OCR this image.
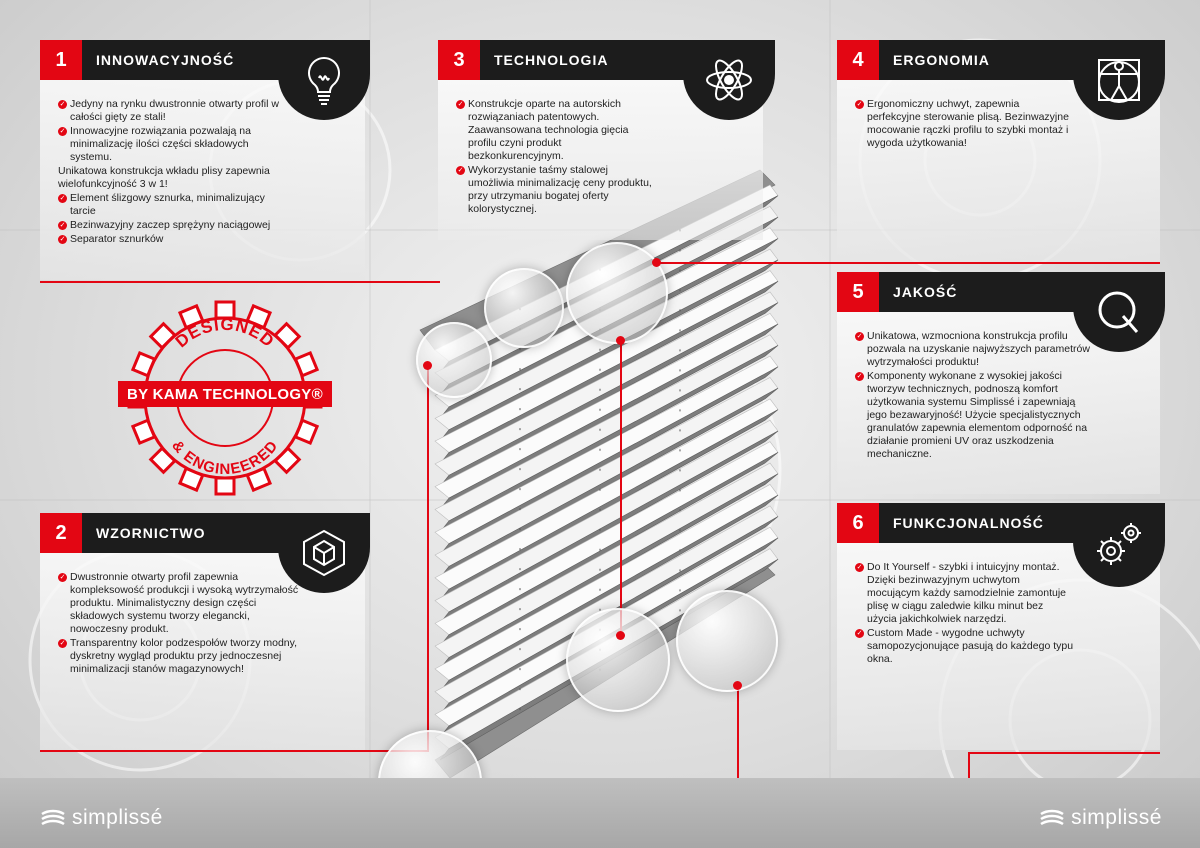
1	INNOWACYJNOŚĆ
✓ Jedyny na rynku dwustronnie otwarty profil w całości gięty ze stali!
✓ Innowacyjne rozwiązania pozwalają na minimalizację ilości części składowych systemu.
Unikatowa konstrukcja wkładu plisy zapewnia wielofunkcyjność 3 w 1!
✓ Element ślizgowy sznurka, minimalizujący tarcie
✓ Bezinwazyjny zaczep sprężyny naciągowej
✓ Separator sznurków
2	WZORNICTWO
✓ Dwustronnie otwarty profil zapewnia kompleksowość produkcji i wysoką wytrzymałość produktu. Minimalistyczny design części składowych systemu tworzy elegancki, nowoczesny produkt.
✓ Transparentny kolor podzespołów tworzy modny, dyskretny wygląd produktu przy jednoczesnej minimalizacji stanów magazynowych!
3	TECHNOLOGIA
✓ Konstrukcje oparte na autorskich rozwiązaniach patentowych. Zaawansowana technologia gięcia profilu czyni produkt bezkonkurencyjnym.
✓ Wykorzystanie taśmy stalowej umożliwia minimalizację ceny produktu, przy utrzymaniu bogatej oferty kolorystycznej.
4	ERGONOMIA
✓ Ergonomiczny uchwyt, zapewnia perfekcyjne sterowanie plisą. Bezinwazyjne mocowanie rączki profilu to szybki montaż i wygoda użytkowania!
5	JAKOŚĆ
✓ Unikatowa, wzmocniona konstrukcja profilu pozwala na uzyskanie najwyższych parametrów wytrzymałości produktu!
✓ Komponenty wykonane z wysokiej jakości tworzyw technicznych, podnoszą komfort użytkowania systemu Simplissé i zapewniają jego bezawaryjność! Użycie specjalistycznych granulatów zapewnia elementom odporność na działanie promieni UV oraz uszkodzenia mechaniczne.
6	FUNKCJONALNOŚĆ
✓ Do It Yourself - szybki i intuicyjny montaż. Dzięki bezinwazyjnym uchwytom mocującym każdy samodzielnie zamontuje plisę w ciągu zaledwie kilku minut bez użycia jakichkolwiek narzędzi.
✓ Custom Made - wygodne uchwyty samopozycjonujące pasują do każdego typu okna.
DESIGNED
& ENGINEERED
BY KAMA TECHNOLOGY®
simplissé	simplissé
